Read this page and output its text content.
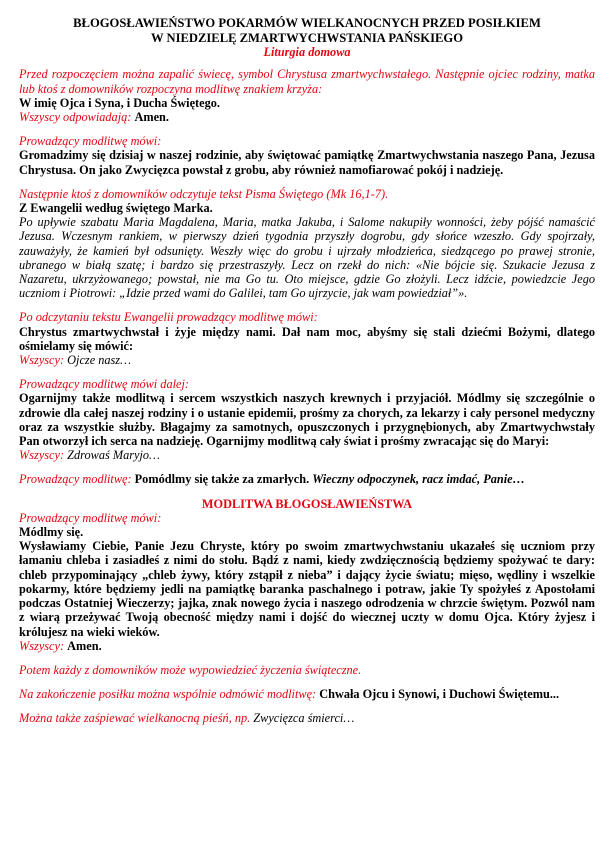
BŁOGOSŁAWIEŃSTWO POKARMÓW WIELKANOCNYCH PRZED POSIŁKIEM

W NIEDZIELĘ ZMARTWYCHWSTANIA PAŃSKIEGO

Liturgia domowa

Przed rozpoczęciem można zapalić świecę, symbol Chrystusa zmartwychwstałego. Następnie ojciec rodziny, matka lub ktoś z domowników rozpoczyna modlitwę znakiem krzyża:

W imię Ojca i Syna, i Ducha Świętego.

Wszyscy odpowiadają: Amen.

Prowadzący modlitwę mówi:

Gromadzimy się dzisiaj w naszej rodzinie, aby świętować pamiątkę Zmartwychwstania naszego Pana, Jezusa Chrystusa. On jako Zwycięzca powstał z grobu, aby również namofiarować pokój i nadzieję.

Następnie ktoś z domowników odczytuje tekst Pisma Świętego (Mk 16,1-7).

Z Ewangelii według świętego Marka.

Po upływie szabatu Maria Magdalena, Maria, matka Jakuba, i Salome nakupiły wonności, żeby pójść namaścić Jezusa. Wczesnym rankiem, w pierwszy dzień tygodnia przyszły dogrobu, gdy słońce wzeszło. Gdy spojrzały, zauważyły, że kamień był odsunięty. Weszły więc do grobu i ujrzały młodzieńca, siedzącego po prawej stronie, ubranego w białą szatę; i bardzo się przestraszyły. Lecz on rzekł do nich: «Nie bójcie się. Szukacie Jezusa z Nazaretu, ukrzyżowanego; powstał, nie ma Go tu. Oto miejsce, gdzie Go złożyli. Lecz idźcie, powiedzcie Jego uczniom i Piotrowi: „Idzie przed wami do Galilei, tam Go ujrzycie, jak wam powiedział”».

Po odczytaniu tekstu Ewangelii prowadzący modlitwę mówi:

Chrystus zmartwychwstał i żyje między nami. Dał nam moc, abyśmy się stali dziećmi Bożymi, dlatego ośmielamy się mówić:

Wszyscy: Ojcze nasz…

Prowadzący modlitwę mówi dalej:

Ogarnijmy także modlitwą i sercem wszystkich naszych krewnych i przyjaciół. Módlmy się szczególnie o zdrowie dla całej naszej rodziny i o ustanie epidemii, prośmy za chorych, za lekarzy i cały personel medyczny oraz za wszystkie służby. Błagajmy za samotnych, opuszczonych i przygnębionych, aby Zmartwychwstały Pan otworzył ich serca na nadzieję. Ogarnijmy modlitwą cały świat i prośmy zwracając się do Maryi:

Wszyscy: Zdrowaś Maryjo…

Prowadzący modlitwę: Pomódlmy się także za zmarłych. Wieczny odpoczynek, racz imdać, Panie…

MODLITWA BŁOGOSŁAWIEŃSTWA

Prowadzący modlitwę mówi:

Módlmy się.

Wysławiamy Ciebie, Panie Jezu Chryste, który po swoim zmartwychwstaniu ukazałeś się uczniom przy łamaniu chleba i zasiadłeś z nimi do stołu. Bądź z nami, kiedy zwdzięcznością będziemy spożywać te dary: chleb przypominający „chleb żywy, który zstąpił z nieba” i dający życie światu; mięso, wędliny i wszelkie pokarmy, które będziemy jedli na pamiątkę baranka paschalnego i potraw, jakie Ty spożyłeś z Apostołami podczas Ostatniej Wieczerzy; jajka, znak nowego życia i naszego odrodzenia w chrzcie świętym. Pozwól nam z wiarą przeżywać Twoją obecność między nami i dojść do wiecznej uczty w domu Ojca. Który żyjesz i królujesz na wieki wieków.

Wszyscy: Amen.

Potem każdy z domowników może wypowiedzieć życzenia świąteczne.

Na zakończenie posiłku można wspólnie odmówić modlitwę: Chwała Ojcu i Synowi, i Duchowi Świętemu...

Można także zaśpiewać wielkanocną pieśń, np. Zwycięzca śmierci…
